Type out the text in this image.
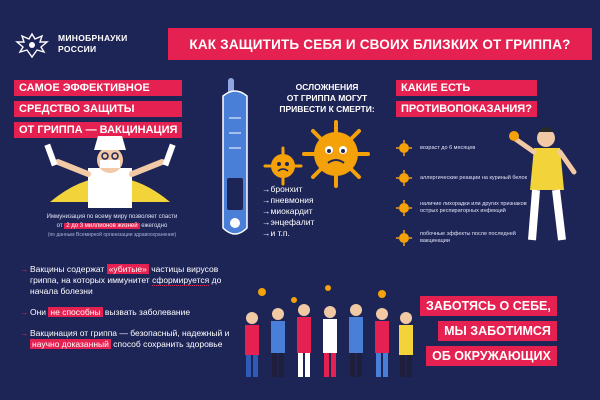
МИНОБРНАУКИ
РОССИИ	КАК ЗАЩИТИТЬ СЕБЯ И СВОИХ БЛИЗКИХ ОТ ГРИППА?
САМОЕ ЭФФЕКТИВНОЕ
СРЕДСТВО ЗАЩИТЫ
ОТ ГРИППА — ВАКЦИНАЦИЯ
Иммунизация по всему миру позволяет спасти
от 2 до 3 миллионов жизней ежегодно
(по данным Всемирной организации здравоохранения)
ОСЛОЖНЕНИЯ
ОТ ГРИППА МОГУТ
ПРИВЕСТИ К СМЕРТИ:
→ бронхит
→ пневмония
→ миокардит
→ энцефалит
→ и т.п.
КАКИЕ ЕСТЬ
ПРОТИВОПОКАЗАНИЯ?
возраст до 6 месяцев
аллергические реакции на куриный белок
наличие лихорадки или других признаков острых респираторных инфекций
побочные эффекты после последней вакцинации
→ Вакцины содержат «убитые» частицы вирусов гриппа, на которых иммунитет сформируется до начала болезни
→ Они не способны вызвать заболевание
→ Вакцинация от гриппа — безопасный, надежный и научно доказанный способ сохранить здоровье
ЗАБОТЯСЬ О СЕБЕ,
МЫ ЗАБОТИМСЯ
ОБ ОКРУЖАЮЩИХ
